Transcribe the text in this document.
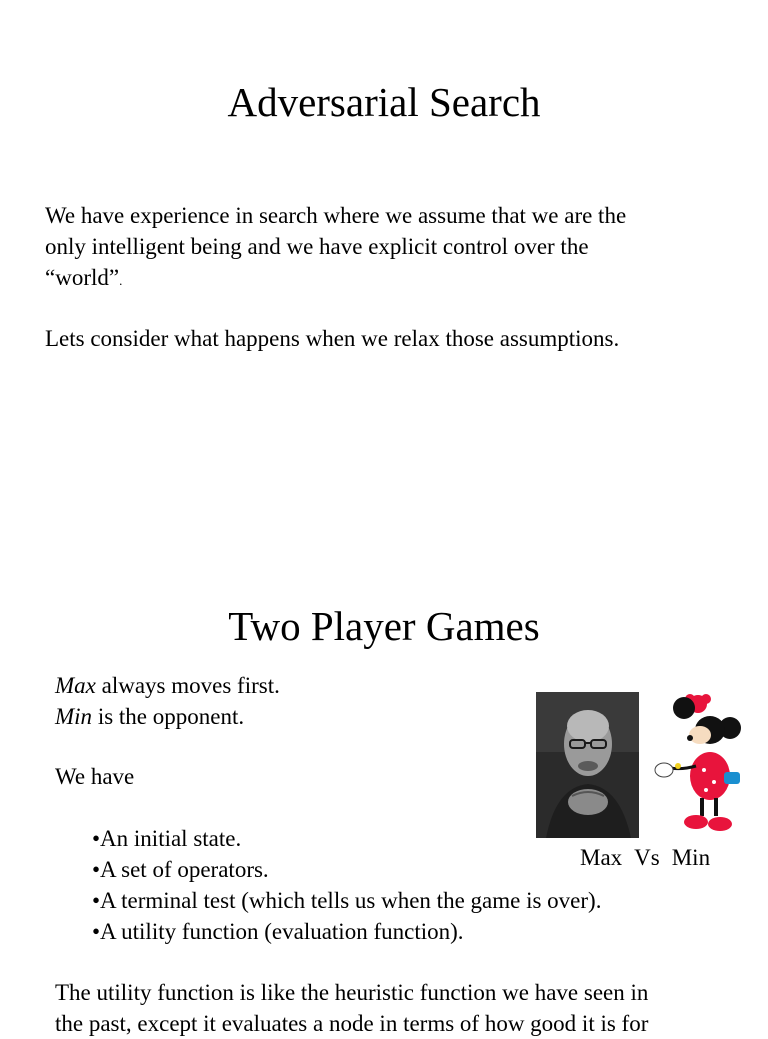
Adversarial Search
We have experience in search where we assume that we are the
only intelligent being and we have explicit control over the
“world”.
Lets consider what happens when we relax those assumptions.
Two Player Games
Max always moves first.
Min is the opponent.
We have
•An initial state.
•A set of operators.
•A terminal test (which tells us when the game is over).
•A utility function (evaluation function).
Max Vs Min
The utility function is like the heuristic function we have seen in
the past, except it evaluates a node in terms of how good it is for
